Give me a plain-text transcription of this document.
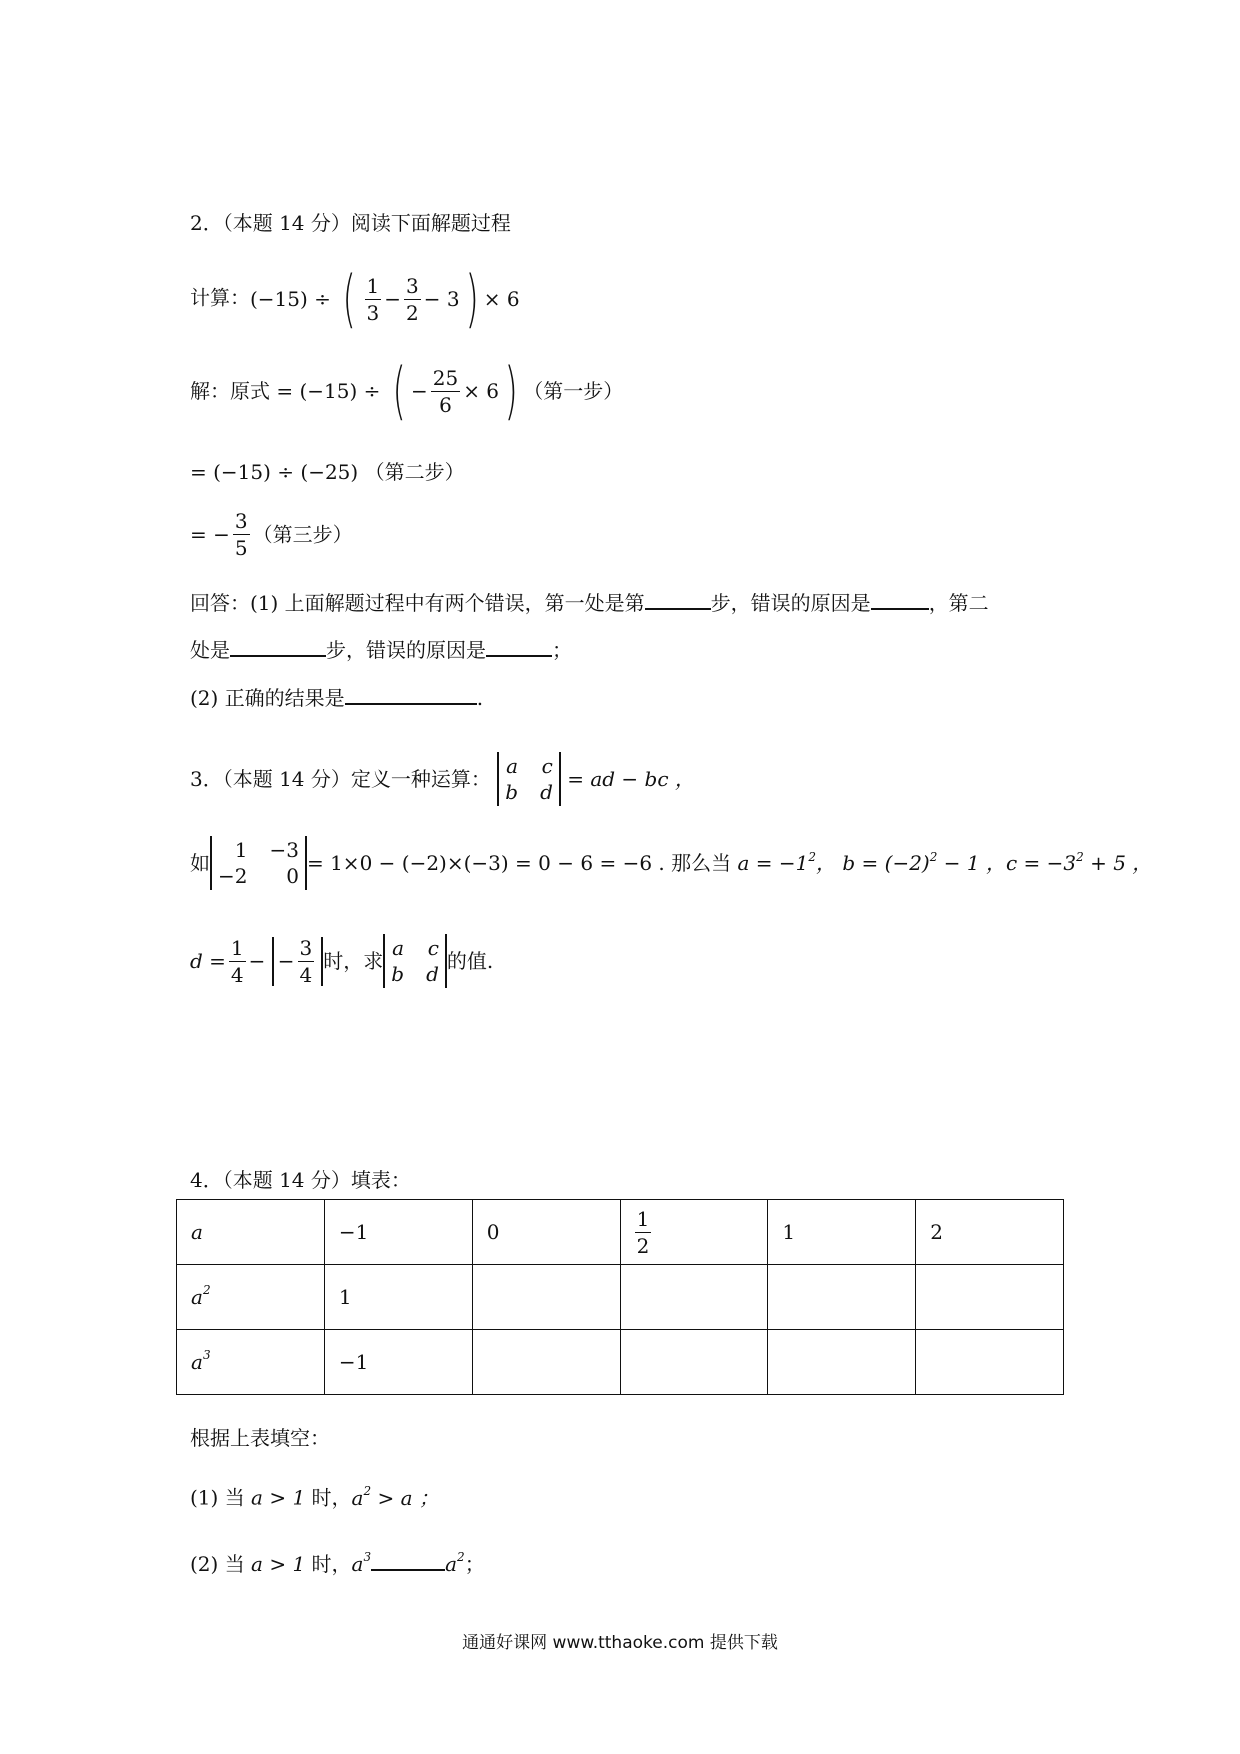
2．（本题 14 分）阅读下面解题过程
计算：(−15) ÷ ( $\frac{1}{3} - \frac{3}{2} - 3) \times 6$
解：原式 = (−15) ÷ ( − $\frac{25}{6} \times 6$) （第一步）
= (−15) ÷ (−25) （第二步）
= − $\frac{3}{5}$ （第三步）
回答：(1) 上面解题过程中有两个错误，第一处是第	步，错误的原因是	，第二
处是	步，错误的原因是	；
(2) 正确的结果是	.
3．（本题 14 分）定义一种运算：
a c
b d
= ad − bc ，
如
1 −3
−2	0
= 1×0 − (−2)×(−3) = 0 − 6 = −6 . 那么当 $a = -1^2$， $b = (-2)^2 - 1$ ，$c = -3^2 + 5$ ，
$d = \frac{1}{4}$ − − $\frac{3}{4}$ 时，求
a c
b d
的值.
4．（本题 14 分）填表：
a	−1	0	$\frac{1}{2}$	1	2
$a^2$	1				
$a^3$	−1				
根据上表填空：
(1) 当 a > 1 时，$a^2 > a$ ；
(2) 当 a > 1 时，$a^3$	$a^2$；
通通好课网 www.tthaoke.com 提供下载
